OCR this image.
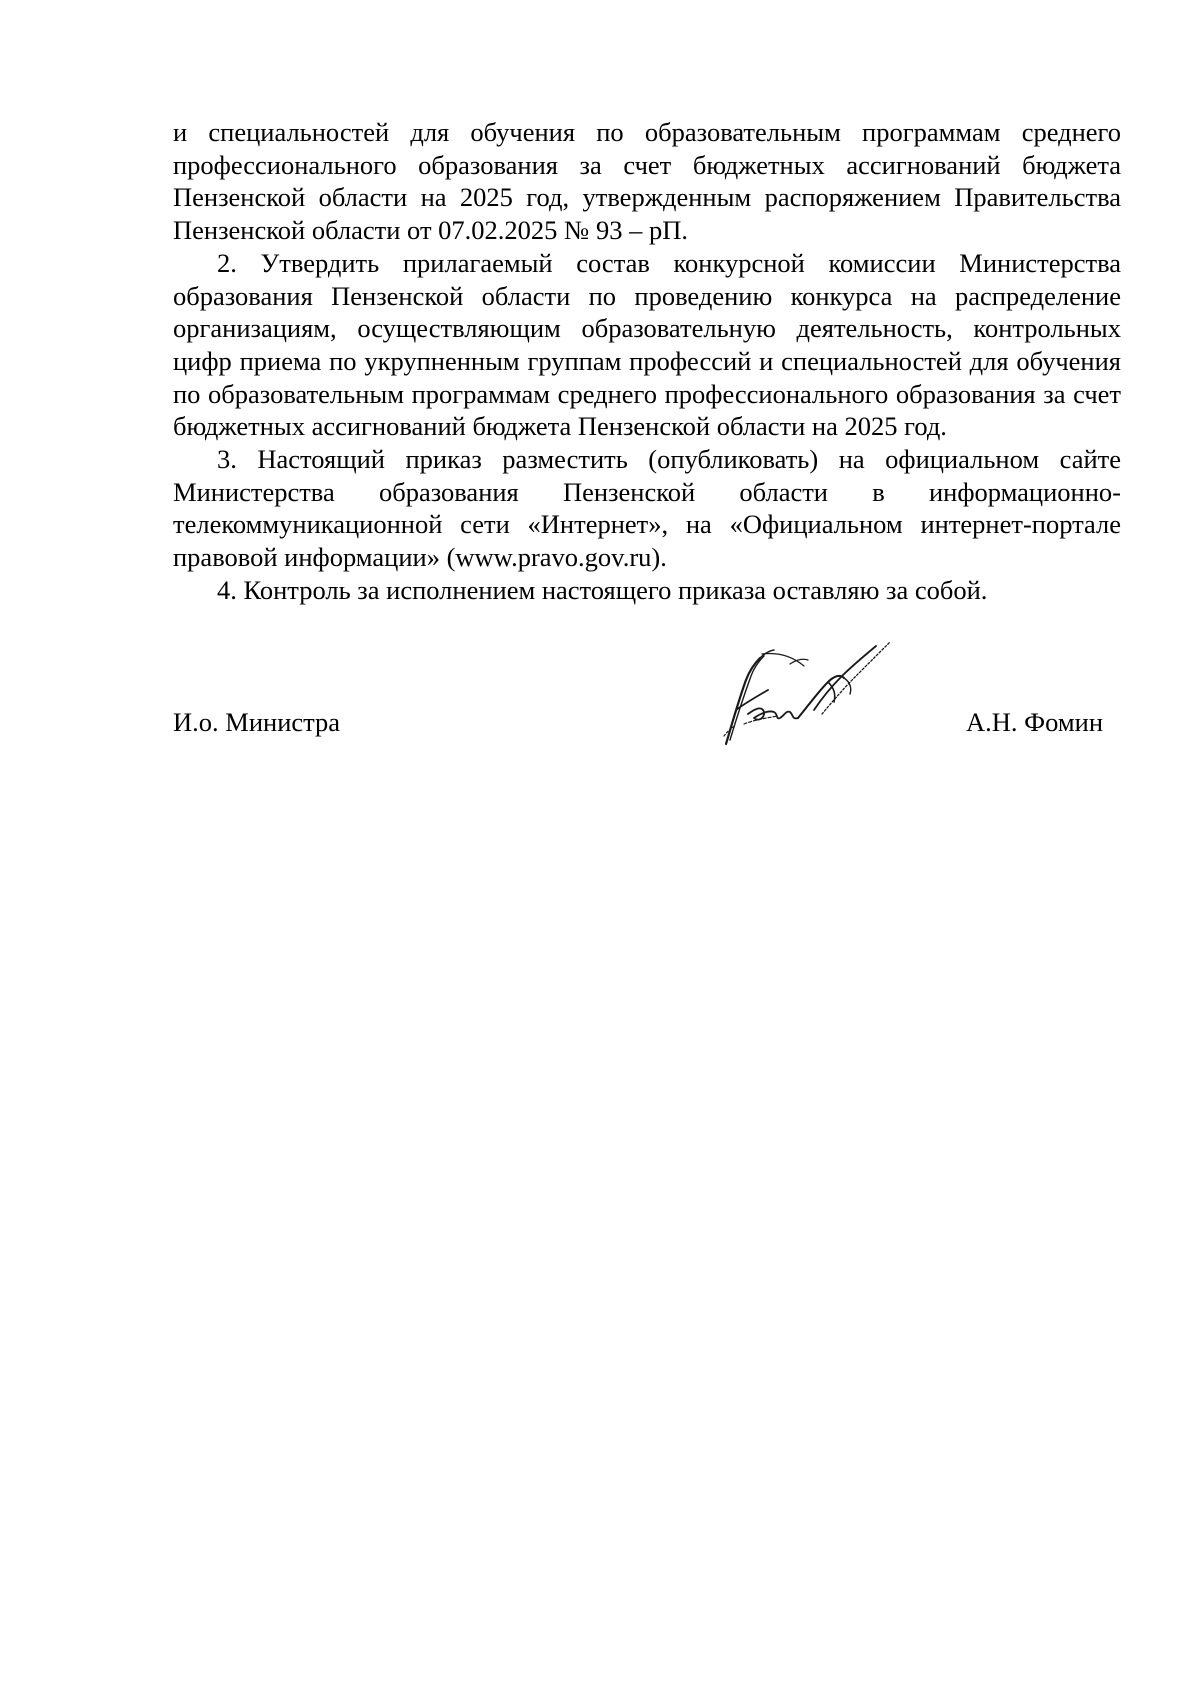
и специальностей для обучения по образовательным программам среднего профессионального образования за счет бюджетных ассигнований бюджета Пензенской области на 2025 год, утвержденным распоряжением Правительства Пензенской области от 07.02.2025 № 93 – рП.

2. Утвердить прилагаемый состав конкурсной комиссии Министерства образования Пензенской области по проведению конкурса на распределение организациям, осуществляющим образовательную деятельность, контрольных цифр приема по укрупненным группам профессий и специальностей для обучения по образовательным программам среднего профессионального образования за счет бюджетных ассигнований бюджета Пензенской области на 2025 год.

3. Настоящий приказ разместить (опубликовать) на официальном сайте Министерства образования Пензенской области в информационно-телекоммуникационной сети «Интернет», на «Официальном интернет-портале правовой информации» (www.pravo.gov.ru).

4. Контроль за исполнением настоящего приказа оставляю за собой.

И.о. Министра	А.Н. Фомин
